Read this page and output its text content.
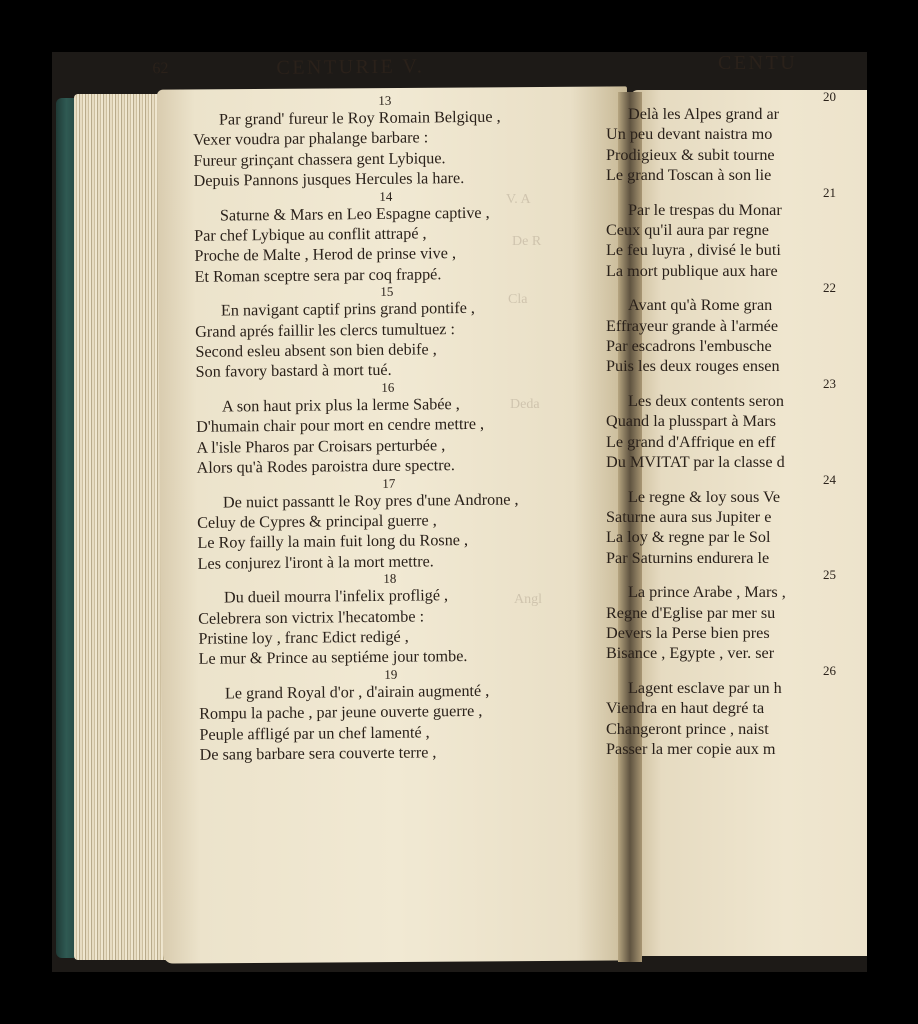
V. A
De R
Cla
Deda
Angl
62	CENTURIE V.
13
Par grand' fureur le Roy Romain Belgique ,
Vexer voudra par phalange barbare :
Fureur grinçant chassera gent Lybique.
Depuis Pannons jusques Hercules la hare.
14
Saturne & Mars en Leo Espagne captive ,
Par chef Lybique au conflit attrapé ,
Proche de Malte , Herod de prinse vive ,
Et Roman sceptre sera par coq frappé.
15
En navigant captif prins grand pontife ,
Grand aprés faillir les clercs tumultuez :
Second esleu absent son bien debife ,
Son favory bastard à mort tué.
16
A son haut prix plus la lerme Sabée ,
D'humain chair pour mort en cendre mettre ,
A l'isle Pharos par Croisars perturbée ,
Alors qu'à Rodes paroistra dure spectre.
17
De nuict passantt le Roy pres d'une Androne ,
Celuy de Cypres & principal guerre ,
Le Roy failly la main fuit long du Rosne ,
Les conjurez l'iront à la mort mettre.
18
Du dueil mourra l'infelix profligé ,
Celebrera son victrix l'hecatombe :
Pristine loy , franc Edict redigé ,
Le mur & Prince au septiéme jour tombe.
19
Le grand Royal d'or , d'airain augmenté ,
Rompu la pache , par jeune ouverte guerre ,
Peuple affligé par un chef lamenté ,
De sang barbare sera couverte terre ,
CENTU
20
Delà les Alpes grand ar
Un peu devant naistra mo
Prodigieux & subit tourne
Le grand Toscan à son lie
21
Par le trespas du Monar
Ceux qu'il aura par regne
Le feu luyra , divisé le buti
La mort publique aux hare
22
Avant qu'à Rome gran
Effrayeur grande à l'armée
Par escadrons l'embusche
Puis les deux rouges ensen
23
Les deux contents seron
Quand la plusspart à Mars
Le grand d'Affrique en eff
Du MVITAT par la classe d
24
Le regne & loy sous Ve
Saturne aura sus Jupiter e
La loy & regne par le Sol
Par Saturnins endurera le
25
La prince Arabe , Mars ,
Regne d'Eglise par mer su
Devers la Perse bien pres
Bisance , Egypte , ver. ser
26
Lagent esclave par un h
Viendra en haut degré ta
Changeront prince , naist
Passer la mer copie aux m
